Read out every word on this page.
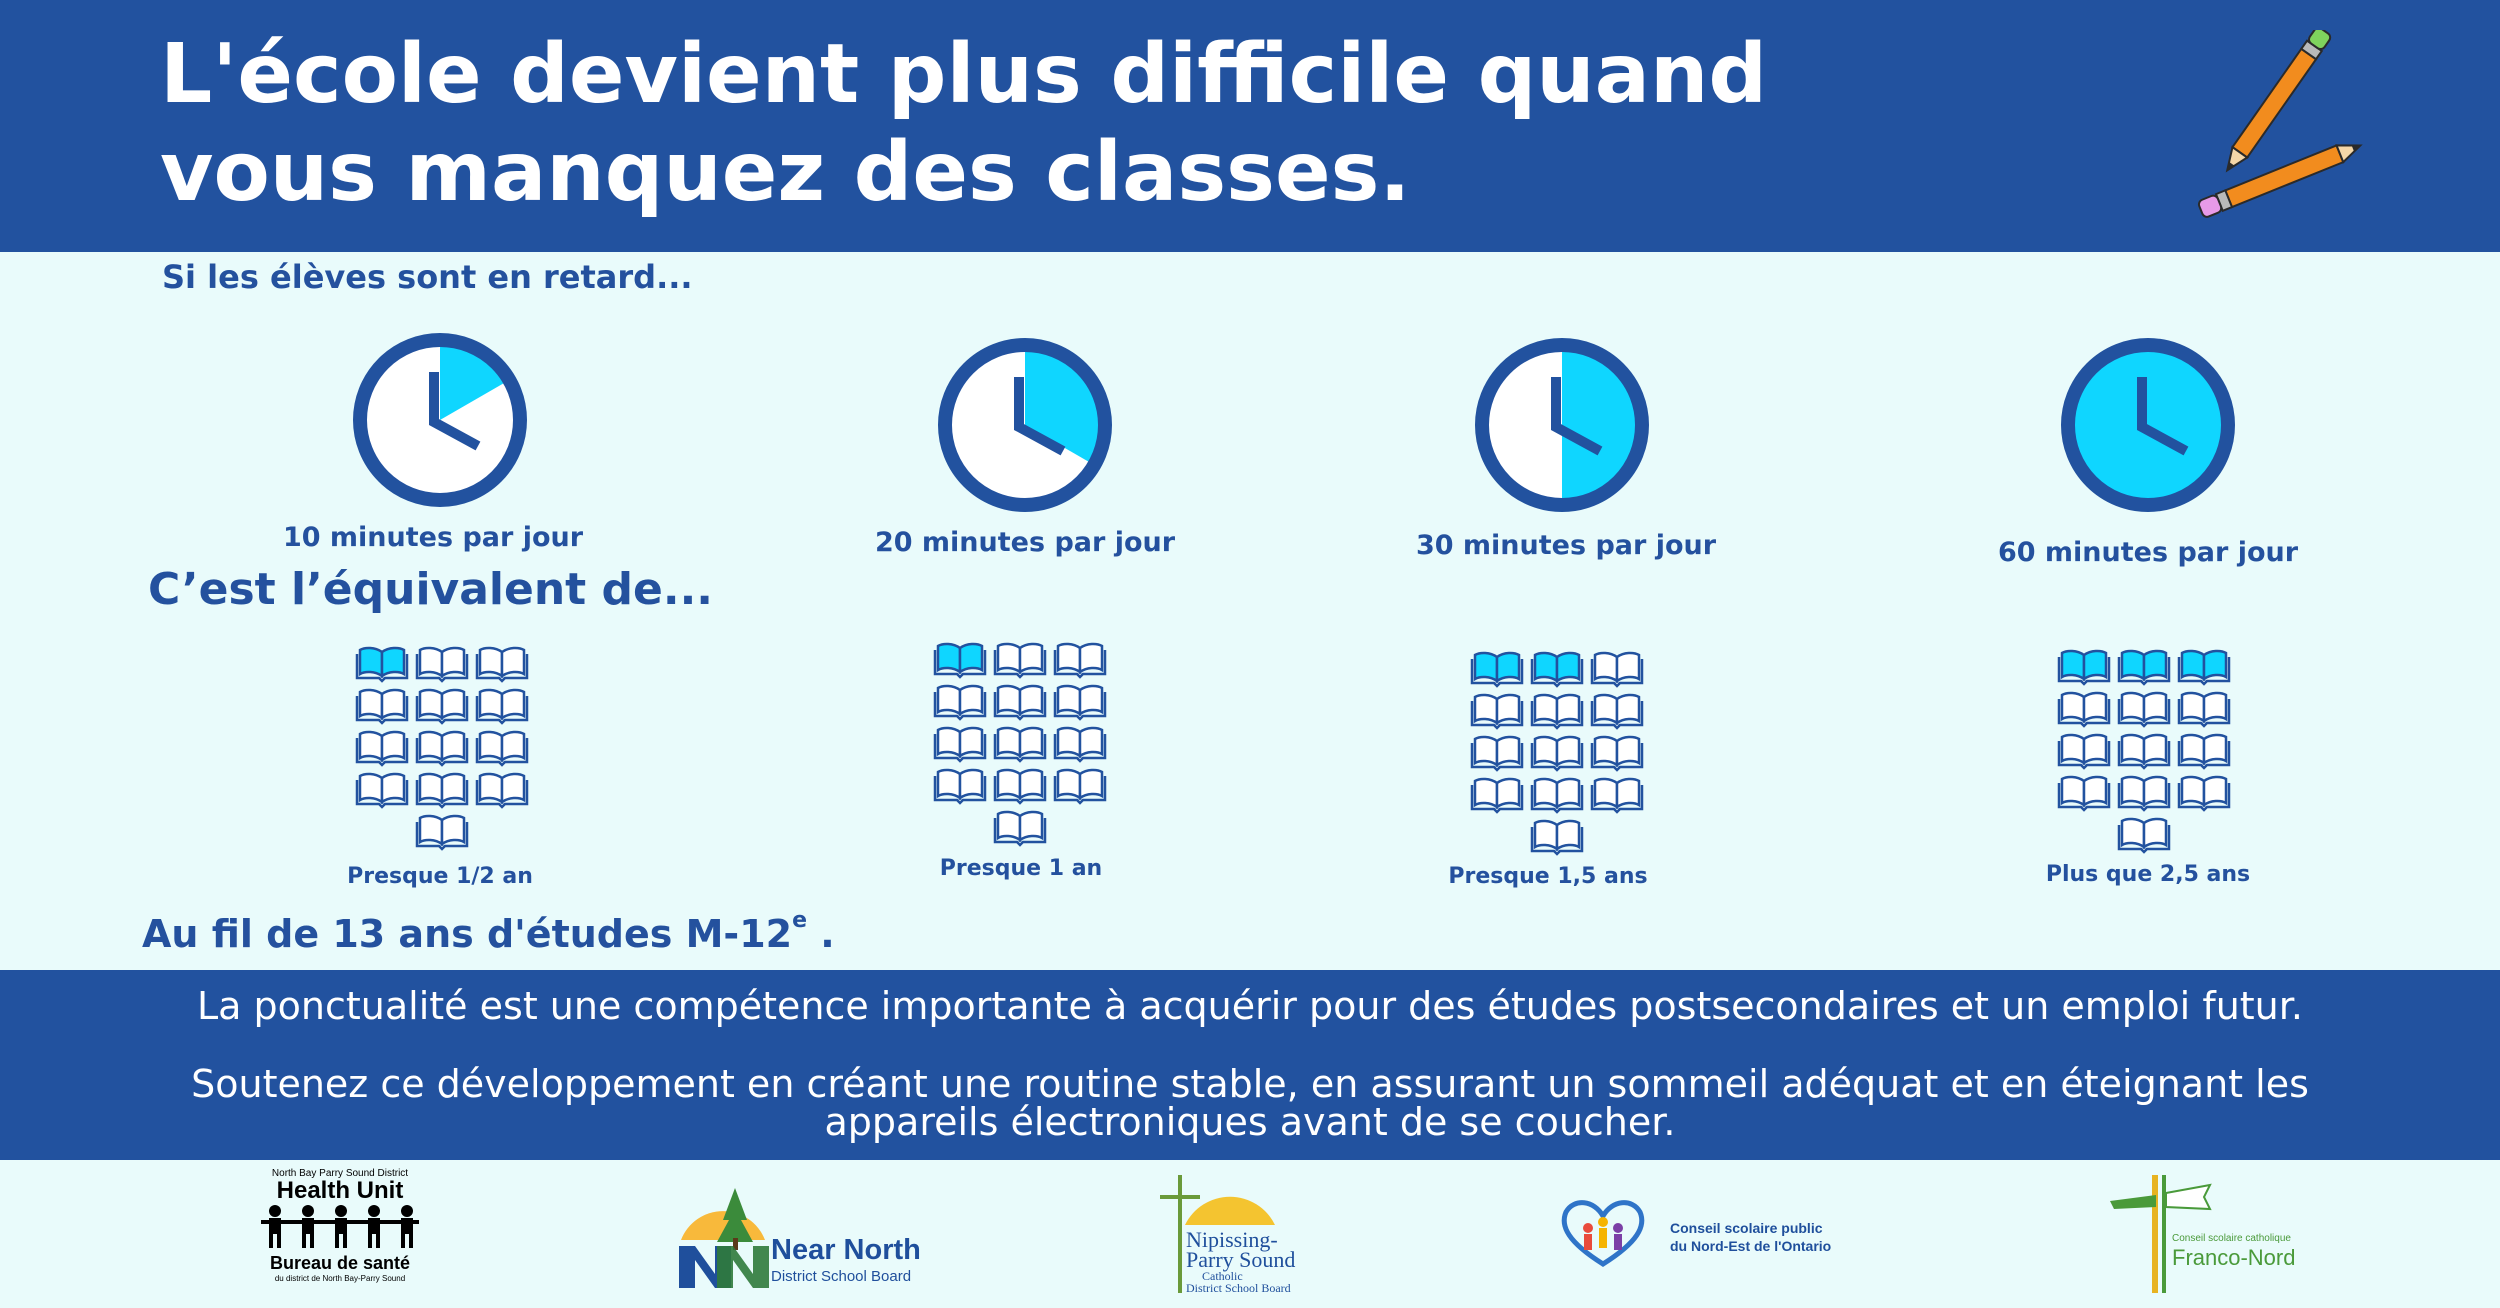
L'école devient plus difficile quand
vous manquez des classes.
Si les élèves sont en retard...
10 minutes par jour	20 minutes par jour	30 minutes par jour	60 minutes par jour
C’est l’équivalent de...
Presque 1/2 an	Presque 1 an	Presque 1,5 ans	Plus que 2,5 ans
Au fil de 13 ans d'études M-12e .

La ponctualité est une compétence importante à acquérir pour des études postsecondaires et un emploi futur.

Soutenez ce développement en créant une routine stable, en assurant un sommeil adéquat et en éteignant les

appareils électroniques avant de se coucher.

North Bay Parry Sound District
Health Unit
Bureau de santé
du district de North Bay-Parry Sound
Near North
District School Board
Nipissing-
Parry Sound
Catholic
District School Board
Conseil scolaire public
du Nord-Est de l'Ontario	Conseil scolaire catholique
Franco-Nord
